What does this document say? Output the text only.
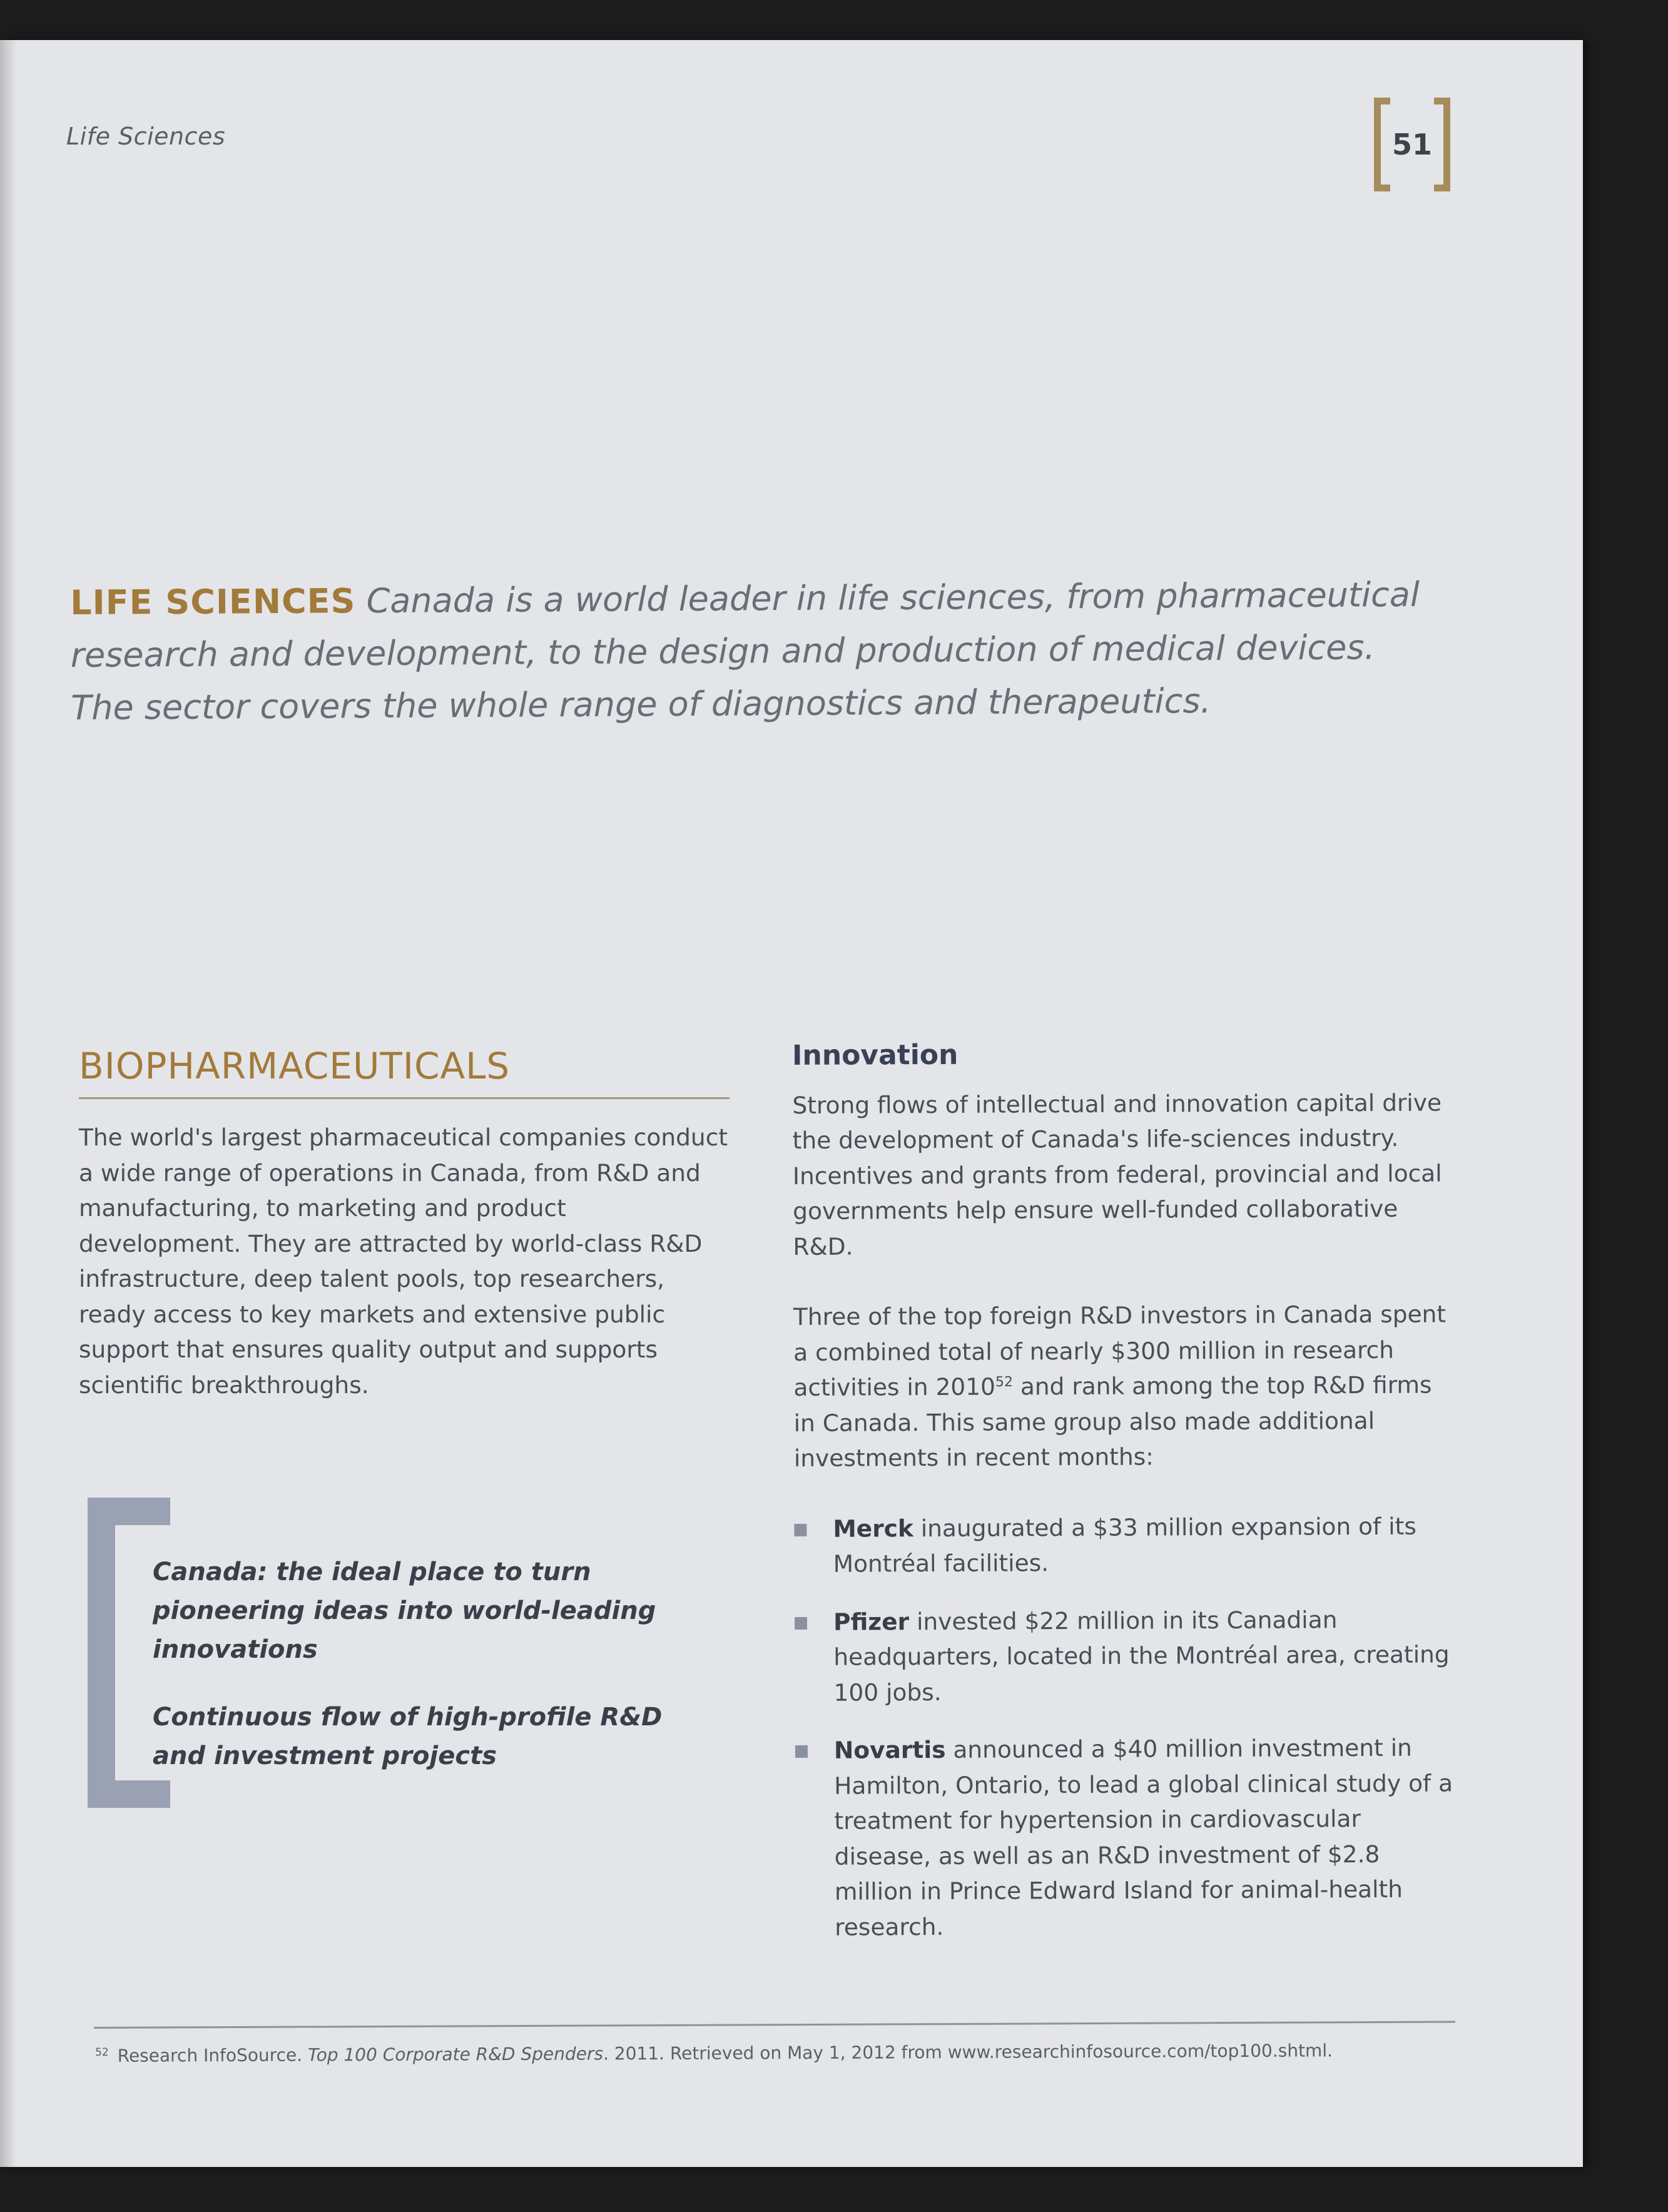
Life Sciences	51
LIFE SCIENCES Canada is a world leader in life sciences, from pharmaceutical research and development, to the design and production of medical devices. The sector covers the whole range of diagnostics and therapeutics.
BIOPHARMACEUTICALS
The world's largest pharmaceutical companies conduct a wide range of operations in Canada, from R&D and manufacturing, to marketing and product development. They are attracted by world-class R&D infrastructure, deep talent pools, top researchers, ready access to key markets and extensive public support that ensures quality output and supports scientific breakthroughs.

Canada: the ideal place to turn pioneering ideas into world-leading innovations

Continuous flow of high-profile R&D and investment projects

Innovation

Strong flows of intellectual and innovation capital drive the development of Canada's life-sciences industry. Incentives and grants from federal, provincial and local governments help ensure well-funded collaborative R&D.

Three of the top foreign R&D investors in Canada spent a combined total of nearly $300 million in research activities in 2010$^{52}$ and rank among the top R&D firms in Canada. This same group also made additional investments in recent months:

Merck inaugurated a $33 million expansion of its Montréal facilities.
Pfizer invested $22 million in its Canadian headquarters, located in the Montréal area, creating 100 jobs.
Novartis announced a $40 million investment in Hamilton, Ontario, to lead a global clinical study of a treatment for hypertension in cardiovascular disease, as well as an R&D investment of $2.8 million in Prince Edward Island for animal-health research.
$^{52}$ Research InfoSource. Top 100 Corporate R&D Spenders. 2011. Retrieved on May 1, 2012 from www.researchinfosource.com/top100.shtml.
